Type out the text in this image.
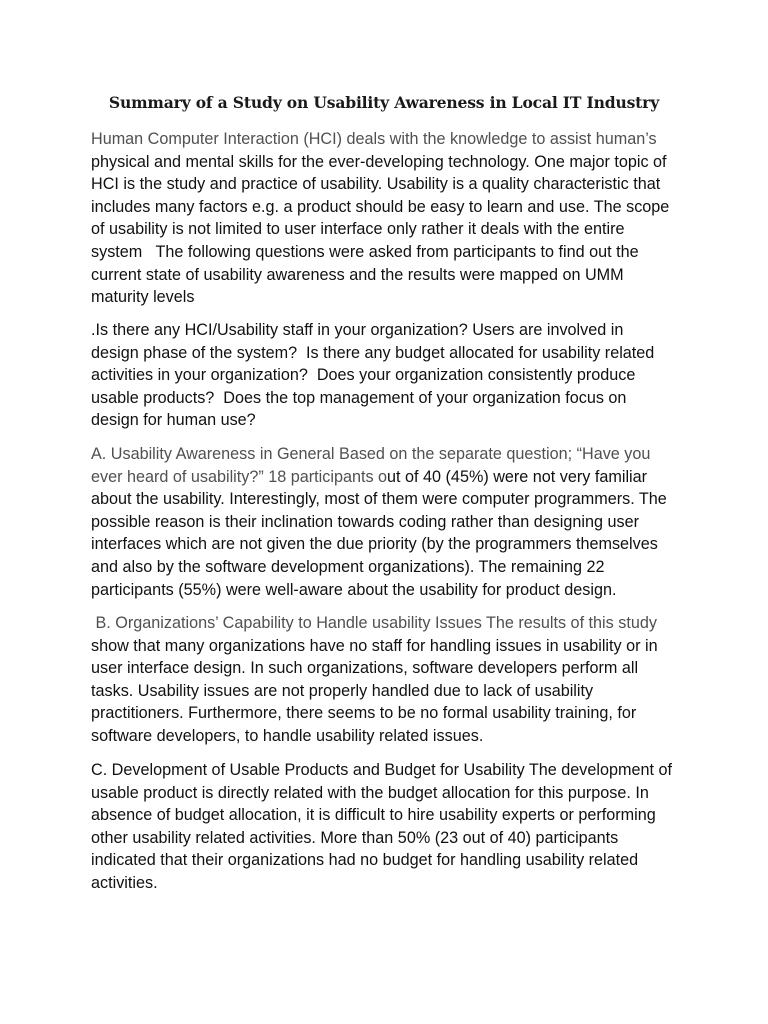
Summary of a Study on Usability Awareness in Local IT Industry
Human Computer Interaction (HCI) deals with the knowledge to assist human’s
physical and mental skills for the ever-developing technology. One major topic of
HCI is the study and practice of usability. Usability is a quality characteristic that
includes many factors e.g. a product should be easy to learn and use. The scope
of usability is not limited to user interface only rather it deals with the entire
system   The following questions were asked from participants to find out the
current state of usability awareness and the results were mapped on UMM
maturity levels
.Is there any HCI/Usability staff in your organization? Users are involved in
design phase of the system?  Is there any budget allocated for usability related
activities in your organization?  Does your organization consistently produce
usable products?  Does the top management of your organization focus on
design for human use?
A. Usability Awareness in General Based on the separate question; “Have you
ever heard of usability?” 18 participants out of 40 (45%) were not very familiar
about the usability. Interestingly, most of them were computer programmers. The
possible reason is their inclination towards coding rather than designing user
interfaces which are not given the due priority (by the programmers themselves
and also by the software development organizations). The remaining 22
participants (55%) were well-aware about the usability for product design.
B. Organizations’ Capability to Handle usability Issues The results of this study
show that many organizations have no staff for handling issues in usability or in
user interface design. In such organizations, software developers perform all
tasks. Usability issues are not properly handled due to lack of usability
practitioners. Furthermore, there seems to be no formal usability training, for
software developers, to handle usability related issues.
C. Development of Usable Products and Budget for Usability The development of
usable product is directly related with the budget allocation for this purpose. In
absence of budget allocation, it is difficult to hire usability experts or performing
other usability related activities. More than 50% (23 out of 40) participants
indicated that their organizations had no budget for handling usability related
activities.
